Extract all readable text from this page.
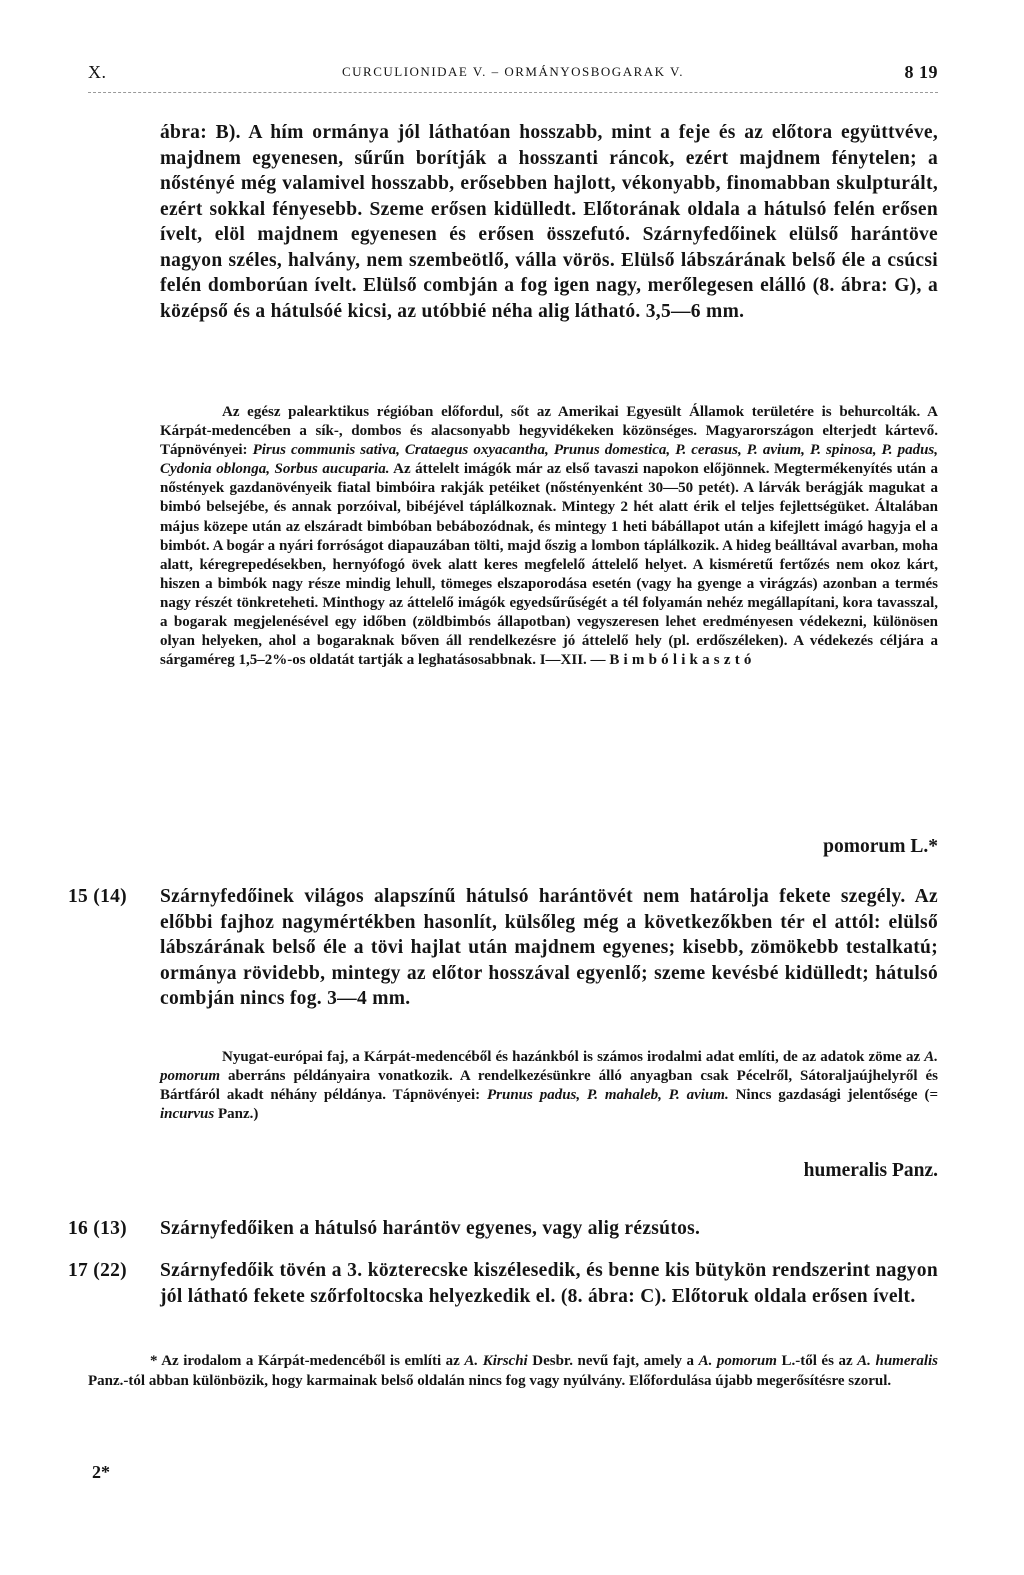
X.	CURCULIONIDAE V. – ORMÁNYOSBOGARAK V.	8 19
ábra: B). A hím ormánya jól láthatóan hosszabb, mint a feje és az előtora együttvéve, majdnem egyenesen, sűrűn borítják a hosszanti ráncok, ezért majdnem fénytelen; a nőstényé még valamivel hosszabb, erősebben hajlott, vékonyabb, finomabban skulpturált, ezért sokkal fényesebb. Szeme erősen kidülledt. Előtorának oldala a hátulsó felén erősen ívelt, elöl majdnem egyenesen és erősen összefutó. Szárnyfedőinek elülső harántöve nagyon széles, halvány, nem szembeötlő, válla vörös. Elülső lábszárának belső éle a csúcsi felén domborúan ívelt. Elülső combján a fog igen nagy, merőlegesen elálló (8. ábra: G), a középső és a hátulsóé kicsi, az utóbbié néha alig látható. 3,5—6 mm.
Az egész palearktikus régióban előfordul, sőt az Amerikai Egyesült Államok területére is behurcolták. A Kárpát-medencében a sík-, dombos és alacsonyabb hegyvidékeken közönséges. Magyarországon elterjedt kártevő. Tápnövényei: Pirus communis sativa, Crataegus oxyacantha, Prunus domestica, P. cerasus, P. avium, P. spinosa, P. padus, Cydonia oblonga, Sorbus aucuparia. Az áttelelt imágók már az első tavaszi napokon előjönnek. Megtermékenyítés után a nőstények gazdanövényeik fiatal bimbóira rakják petéiket (nőstényenként 30—50 petét). A lárvák berágják magukat a bimbó belsejébe, és annak porzóival, bibéjével táplálkoznak. Mintegy 2 hét alatt érik el teljes fejlettségüket. Általában május közepe után az elszáradt bimbóban bebábozódnak, és mintegy 1 heti bábállapot után a kifejlett imágó hagyja el a bimbót. A bogár a nyári forróságot diapauzában tölti, majd őszig a lombon táplálkozik. A hideg beálltával avarban, moha alatt, kéregrepedésekben, hernyófogó övek alatt keres megfelelő áttelelő helyet. A kisméretű fertőzés nem okoz kárt, hiszen a bimbók nagy része mindig lehull, tömeges elszaporodása esetén (vagy ha gyenge a virágzás) azonban a termés nagy részét tönkreteheti. Minthogy az áttelelő imágók egyedsűrűségét a tél folyamán nehéz megállapítani, kora tavasszal, a bogarak megjelenésével egy időben (zöldbimbós állapotban) vegyszeresen lehet eredményesen védekezni, különösen olyan helyeken, ahol a bogaraknak bőven áll rendelkezésre jó áttelelő hely (pl. erdőszéleken). A védekezés céljára a sárgaméreg 1,5–2%-os oldatát tartják a leghatásosabbnak. I—XII. — Bimbólikasztó
pomorum L.*
15 (14)	Szárnyfedőinek világos alapszínű hátulsó harántövét nem határolja fekete szegély. Az előbbi fajhoz nagymértékben hasonlít, külsőleg még a következőkben tér el attól: elülső lábszárának belső éle a tövi hajlat után majdnem egyenes; kisebb, zömökebb testalkatú; ormánya rövidebb, mintegy az előtor hosszával egyenlő; szeme kevésbé kidülledt; hátulsó combján nincs fog. 3—4 mm.
Nyugat-európai faj, a Kárpát-medencéből és hazánkból is számos irodalmi adat említi, de az adatok zöme az A. pomorum aberráns példányaira vonatkozik. A rendelkezésünkre álló anyagban csak Pécelről, Sátoraljaújhelyről és Bártfáról akadt néhány példánya. Tápnövényei: Prunus padus, P. mahaleb, P. avium. Nincs gazdasági jelentősége (= incurvus Panz.)
humeralis Panz.
16 (13)	Szárnyfedőiken a hátulsó harántöv egyenes, vagy alig rézsútos.
17 (22)	Szárnyfedőik tövén a 3. közterecske kiszélesedik, és benne kis bütykön rendszerint nagyon jól látható fekete szőrfoltocska helyezkedik el. (8. ábra: C). Előtoruk oldala erősen ívelt.
* Az irodalom a Kárpát-medencéből is említi az A. Kirschi Desbr. nevű fajt, amely a A. pomorum L.-től és az A. humeralis Panz.-tól abban különbözik, hogy karmainak belső oldalán nincs fog vagy nyúlvány. Előfordulása újabb megerősítésre szorul.
2*
